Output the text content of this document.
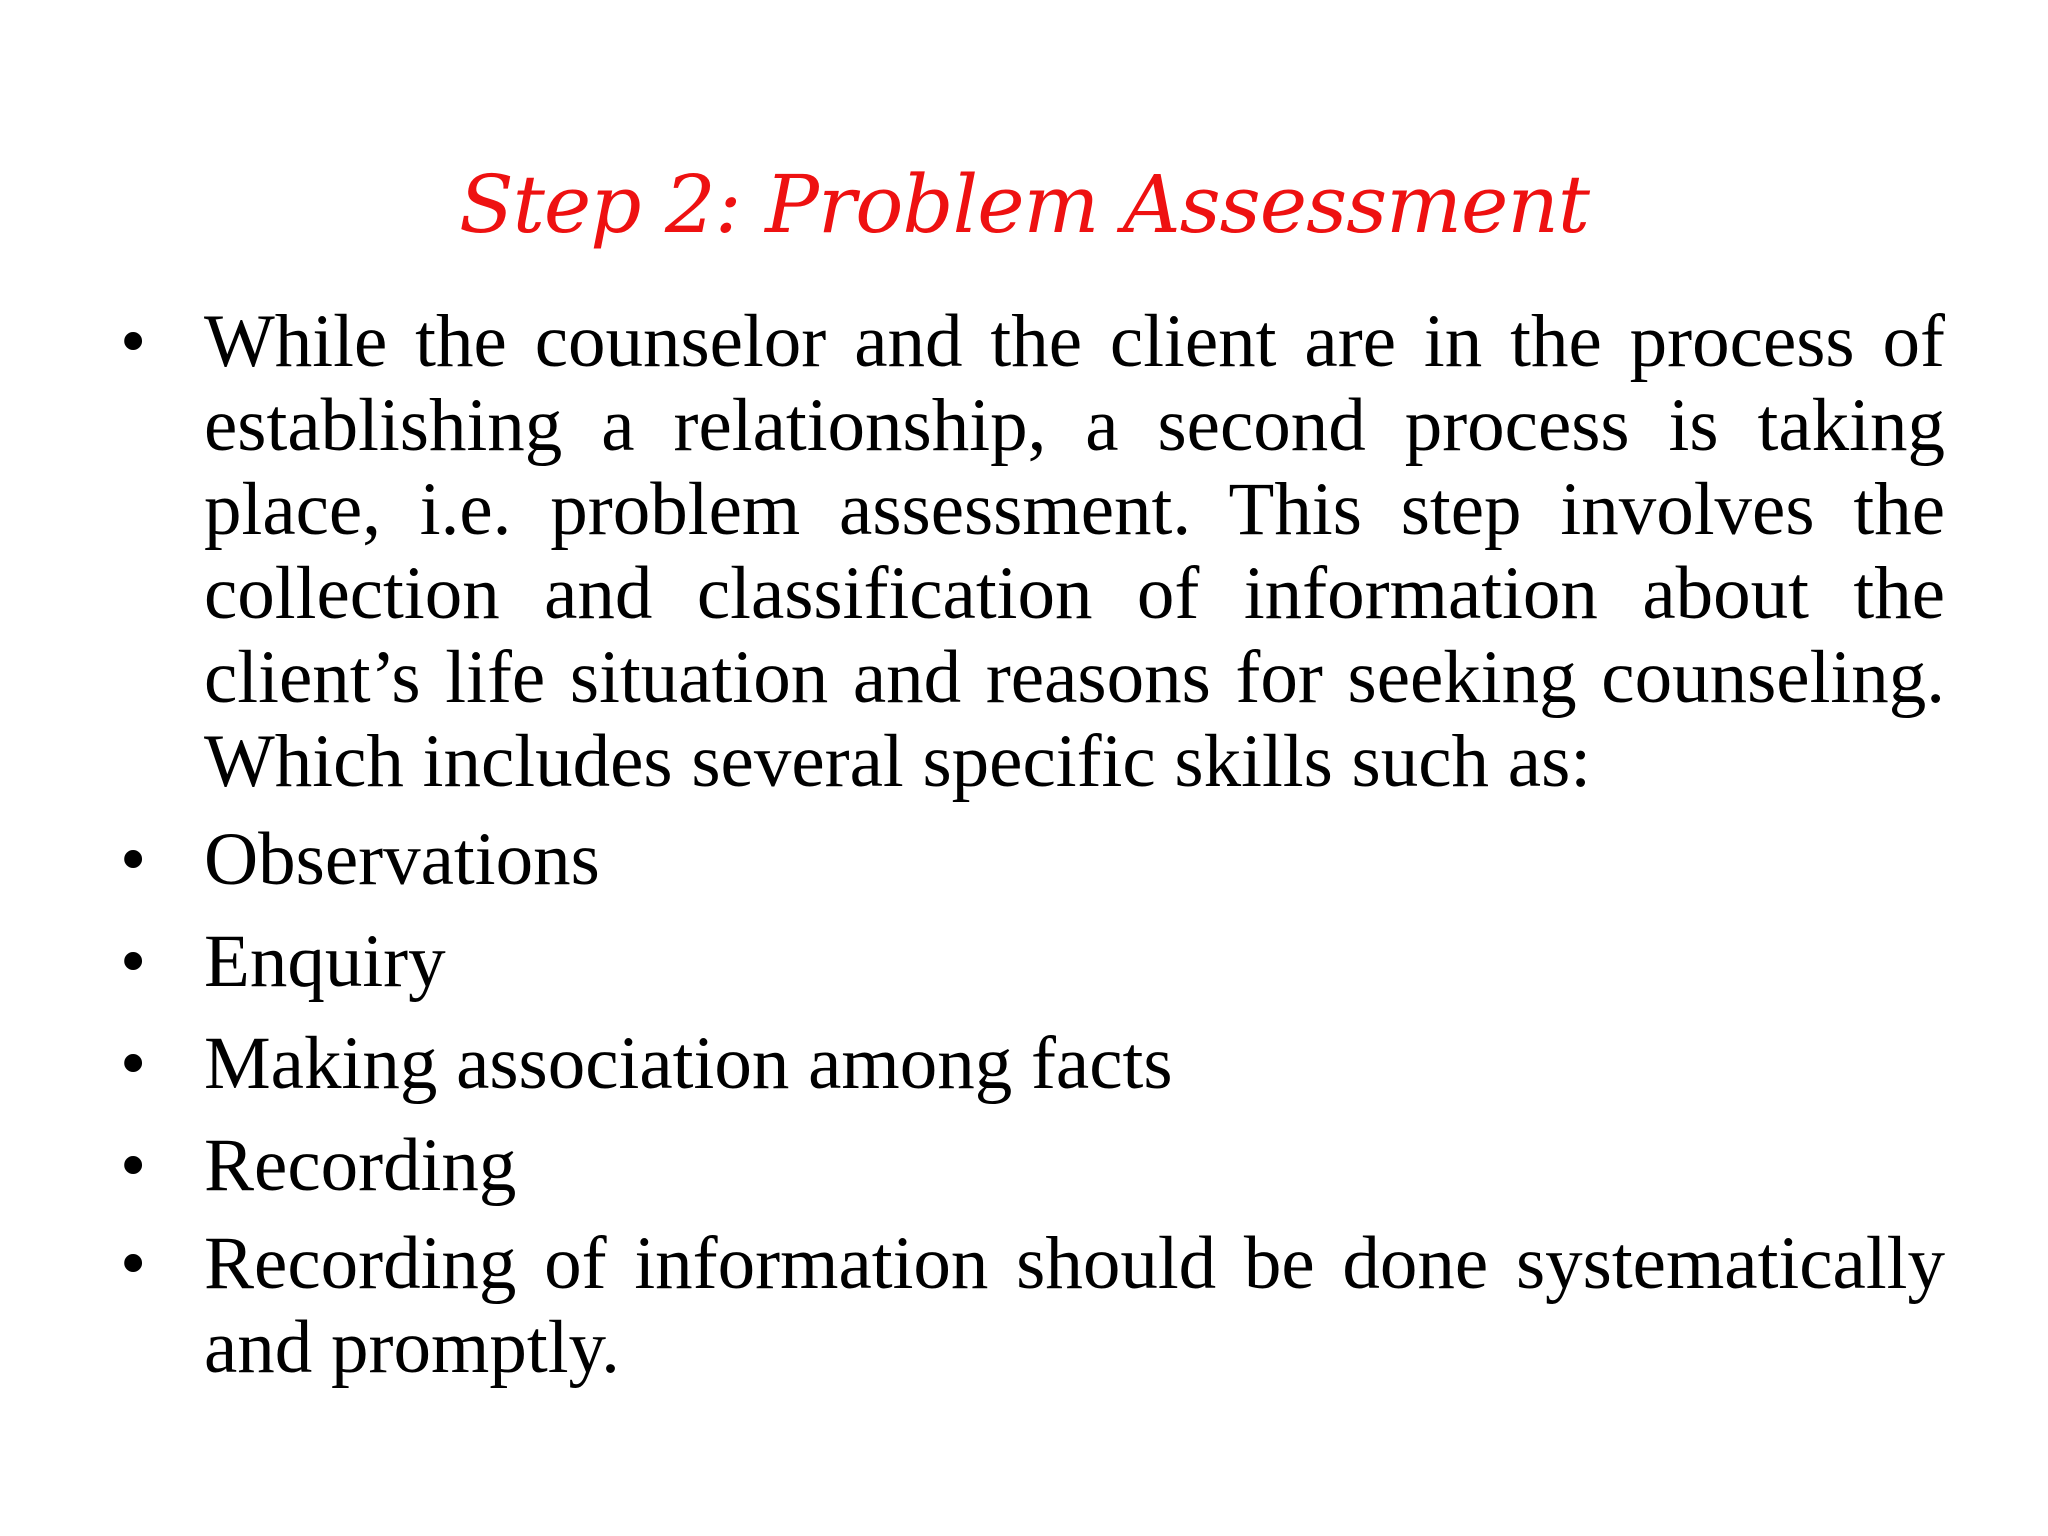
Step 2: Problem Assessment
• While the counselor and the client are in the process of establishing a relationship, a second process is taking place, i.e. problem assessment. This step involves the collection and classification of information about the client’s life situation and reasons for seeking counseling. Which includes several specific skills such as:
• Observations
• Enquiry
• Making association among facts
• Recording
• Recording of information should be done systematically and promptly.
